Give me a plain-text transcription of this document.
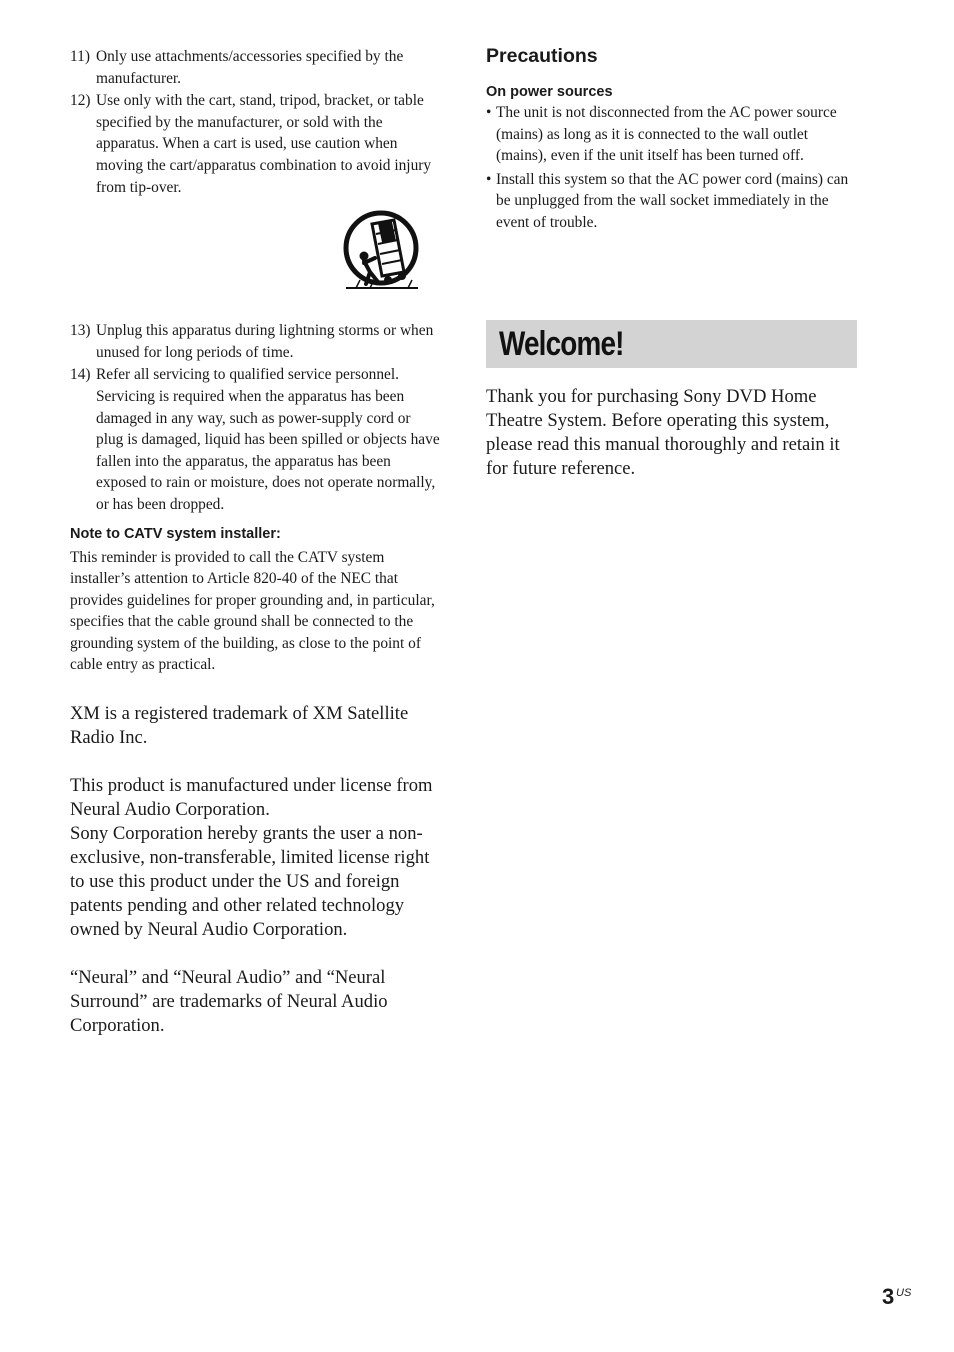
11) Only use attachments/accessories specified by the manufacturer.
12) Use only with the cart, stand, tripod, bracket, or table specified by the manufacturer, or sold with the apparatus. When a cart is used, use caution when moving the cart/apparatus combination to avoid injury from tip-over.
13) Unplug this apparatus during lightning storms or when unused for long periods of time.
14) Refer all servicing to qualified service personnel. Servicing is required when the apparatus has been damaged in any way, such as power-supply cord or plug is damaged, liquid has been spilled or objects have fallen into the apparatus, the apparatus has been exposed to rain or moisture, does not operate normally, or has been dropped.
Note to CATV system installer:
This reminder is provided to call the CATV system installer’s attention to Article 820-40 of the NEC that provides guidelines for proper grounding and, in particular, specifies that the cable ground shall be connected to the grounding system of the building, as close to the point of cable entry as practical.
XM is a registered trademark of XM Satellite Radio Inc.
This product is manufactured under license from Neural Audio Corporation.
Sony Corporation hereby grants the user a non-exclusive, non-transferable, limited license right to use this product under the US and foreign patents pending and other related technology owned by Neural Audio Corporation.
“Neural” and “Neural Audio” and “Neural Surround” are trademarks of Neural Audio Corporation.
Precautions
On power sources
• The unit is not disconnected from the AC power source (mains) as long as it is connected to the wall outlet (mains), even if the unit itself has been turned off.
• Install this system so that the AC power cord (mains) can be unplugged from the wall socket immediately in the event of trouble.
Welcome!
Thank you for purchasing Sony DVD Home Theatre System. Before operating this system, please read this manual thoroughly and retain it for future reference.
3 US
